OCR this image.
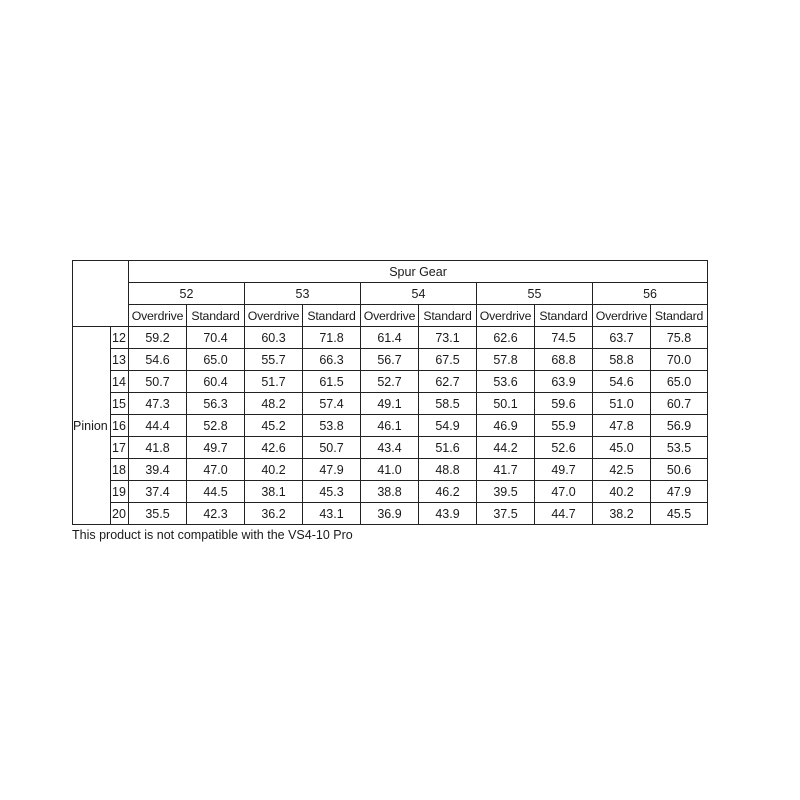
		Spur Gear									
		52		53		54		55		56	
		Overdrive	Standard	Overdrive	Standard	Overdrive	Standard	Overdrive	Standard	Overdrive	Standard
Pinion	12	59.2	70.4	60.3	71.8	61.4	73.1	62.6	74.5	63.7	75.8
	13	54.6	65.0	55.7	66.3	56.7	67.5	57.8	68.8	58.8	70.0
	14	50.7	60.4	51.7	61.5	52.7	62.7	53.6	63.9	54.6	65.0
	15	47.3	56.3	48.2	57.4	49.1	58.5	50.1	59.6	51.0	60.7
	16	44.4	52.8	45.2	53.8	46.1	54.9	46.9	55.9	47.8	56.9
	17	41.8	49.7	42.6	50.7	43.4	51.6	44.2	52.6	45.0	53.5
	18	39.4	47.0	40.2	47.9	41.0	48.8	41.7	49.7	42.5	50.6
	19	37.4	44.5	38.1	45.3	38.8	46.2	39.5	47.0	40.2	47.9
	20	35.5	42.3	36.2	43.1	36.9	43.9	37.5	44.7	38.2	45.5
This product is not compatible with the VS4-10 Pro
